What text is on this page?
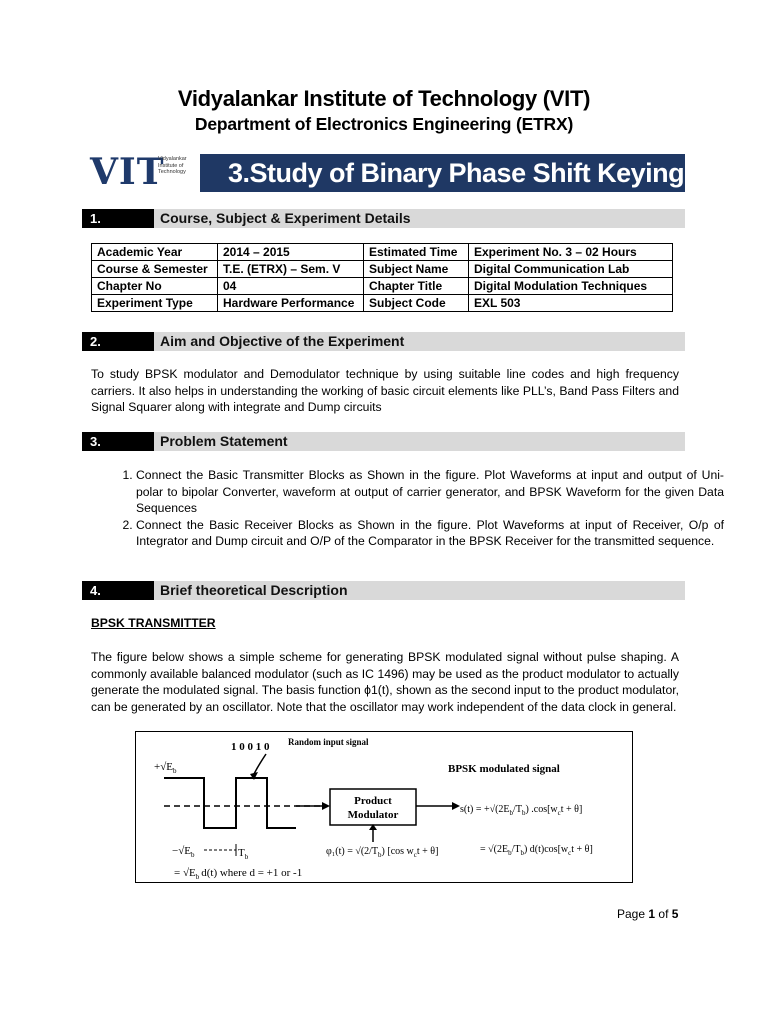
Vidyalankar Institute of Technology (VIT)
Department of Electronics Engineering (ETRX)
VIT
Vidyalankar
Institute of
Technology	3.Study of Binary Phase Shift Keying
1.	Course, Subject & Experiment Details
Academic Year	2014 – 2015	Estimated Time	Experiment No. 3 – 02 Hours
Course & Semester	T.E. (ETRX) – Sem. V	Subject Name	Digital Communication Lab
Chapter No	04	Chapter Title	Digital Modulation Techniques
Experiment Type	Hardware Performance	Subject Code	EXL 503
2.	Aim and Objective of the Experiment
To study BPSK modulator and Demodulator technique by using suitable line codes and high frequency carriers. It also helps in understanding the working of basic circuit elements like PLL’s, Band Pass Filters and Signal Squarer along with integrate and Dump circuits
3.	Problem Statement
1. Connect the Basic Transmitter Blocks as Shown in the figure. Plot Waveforms at input and output of Uni-polar to bipolar Converter, waveform at output of carrier generator, and BPSK Waveform for the given Data Sequences
2. Connect the Basic Receiver Blocks as Shown in the figure. Plot Waveforms at input of Receiver, O/p of Integrator and Dump circuit and O/P of the Comparator in the BPSK Receiver for the transmitted sequence.
4.	Brief theoretical Description
BPSK TRANSMITTER
The figure below shows a simple scheme for generating BPSK modulated signal without pulse shaping. A commonly available balanced modulator (such as IC 1496) may be used as the product modulator to actually generate the modulated signal. The basis function ϕ1(t), shown as the second input to the product modulator, can be generated by an oscillator. Note that the oscillator may work independent of the data clock in general.
Product
Modulator
1 0 0 1 0 Random input signal
BPSK modulated signal
$+√E_b$
$-√E_b$	$T_b$
= $√E_b$ d(t) where d = +1 or -1
$\varphi_1(t) = √(2/T_b)$ [cos $w_ct + \theta$]
$s(t) = +√(2E_b/T_b) .\cos[w_ct + \theta]$
= $√(2E_b/T_b) d(t)\cos[w_ct + \theta]$
Page 1 of 5
